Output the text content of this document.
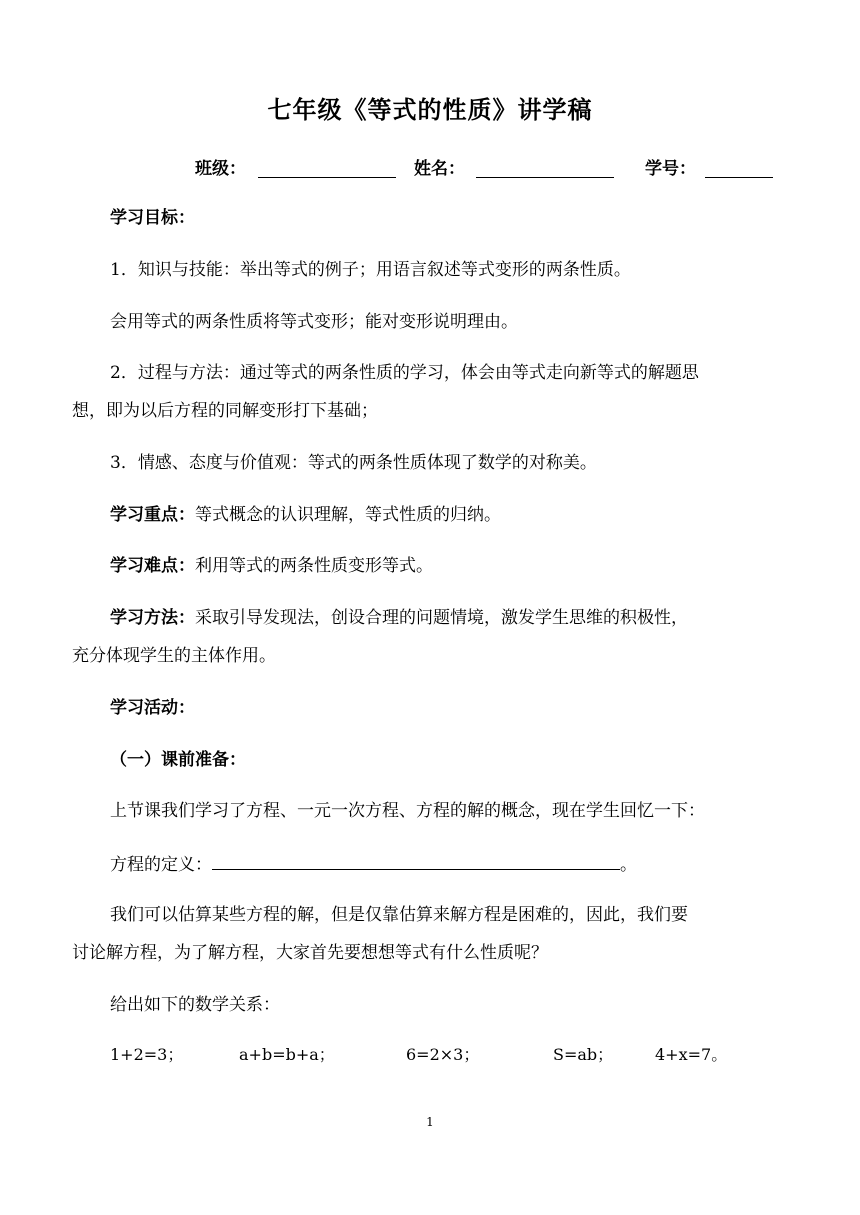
七年级《等式的性质》讲学稿
班级：	姓名：	学号：
学习目标：
1．知识与技能：举出等式的例子；用语言叙述等式变形的两条性质。
会用等式的两条性质将等式变形；能对变形说明理由。
2．过程与方法：通过等式的两条性质的学习，体会由等式走向新等式的解题思
想，即为以后方程的同解变形打下基础；
3．情感、态度与价值观：等式的两条性质体现了数学的对称美。
学习重点：等式概念的认识理解，等式性质的归纳。
学习难点：利用等式的两条性质变形等式。
学习方法：采取引导发现法，创设合理的问题情境，激发学生思维的积极性，
充分体现学生的主体作用。
学习活动：
（一）课前准备：
上节课我们学习了方程、一元一次方程、方程的解的概念，现在学生回忆一下：
方程的定义：	。
我们可以估算某些方程的解，但是仅靠估算来解方程是困难的，因此，我们要
讨论解方程，为了解方程，大家首先要想想等式有什么性质呢？
给出如下的数学关系：
1+2=3；	a+b=b+a；	6=2×3；	S=ab；	4+x=7。
1
